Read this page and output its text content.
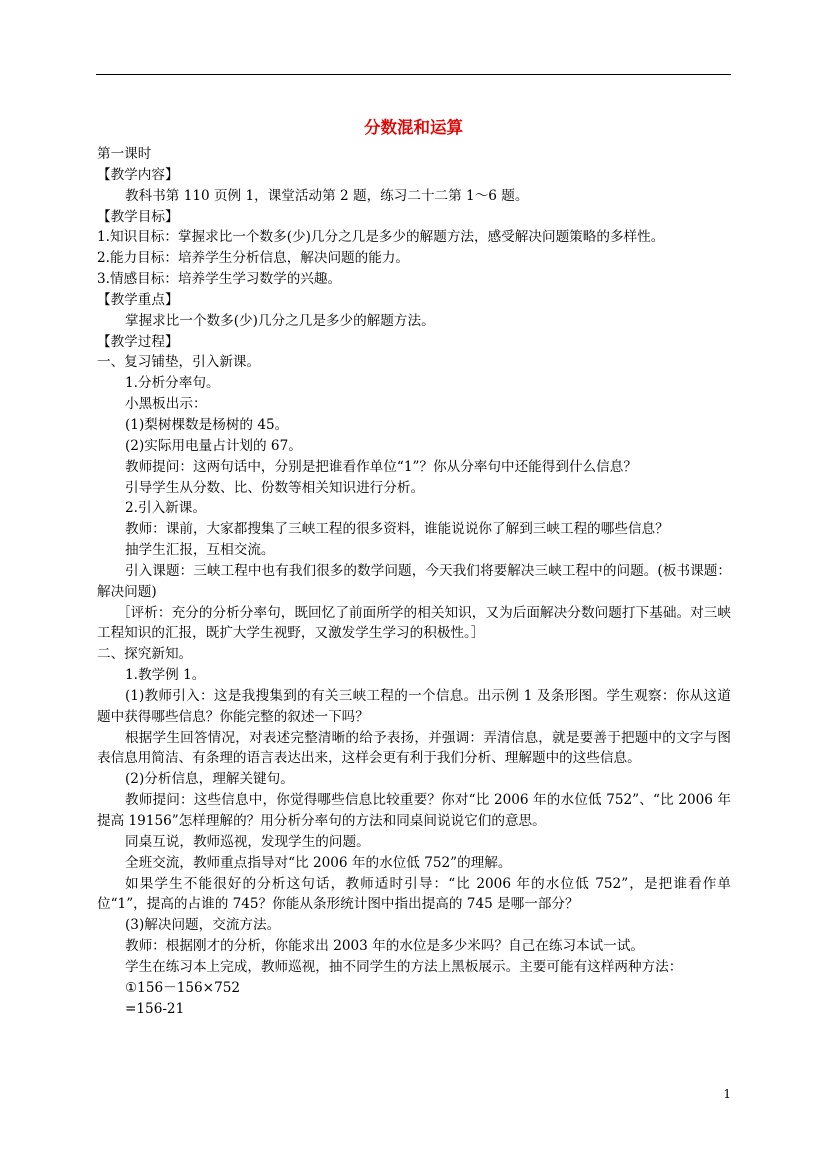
分数混和运算
第一课时
【教学内容】
教科书第 110 页例 1，课堂活动第 2 题，练习二十二第 1～6 题。
【教学目标】
1.知识目标：掌握求比一个数多(少)几分之几是多少的解题方法，感受解决问题策略的多样性。
2.能力目标：培养学生分析信息，解决问题的能力。
3.情感目标：培养学生学习数学的兴趣。
【教学重点】
掌握求比一个数多(少)几分之几是多少的解题方法。
【教学过程】
一、复习铺垫，引入新课。
1.分析分率句。
小黑板出示：
(1)梨树棵数是杨树的 45。
(2)实际用电量占计划的 67。
教师提问：这两句话中，分别是把谁看作单位“1”？你从分率句中还能得到什么信息？
引导学生从分数、比、份数等相关知识进行分析。
2.引入新课。
教师：课前，大家都搜集了三峡工程的很多资料，谁能说说你了解到三峡工程的哪些信息？
抽学生汇报，互相交流。
引入课题：三峡工程中也有我们很多的数学问题，今天我们将要解决三峡工程中的问题。(板书课题：解决问题)
［评析：充分的分析分率句，既回忆了前面所学的相关知识，又为后面解决分数问题打下基础。对三峡工程知识的汇报，既扩大学生视野，又激发学生学习的积极性。］
二、探究新知。
1.教学例 1。
(1)教师引入：这是我搜集到的有关三峡工程的一个信息。出示例 1 及条形图。学生观察：你从这道题中获得哪些信息？你能完整的叙述一下吗？
根据学生回答情况，对表述完整清晰的给予表扬，并强调：弄清信息，就是要善于把题中的文字与图表信息用简洁、有条理的语言表达出来，这样会更有利于我们分析、理解题中的这些信息。
(2)分析信息，理解关键句。
教师提问：这些信息中，你觉得哪些信息比较重要？你对“比 2006 年的水位低 752”、“比 2006 年提高 19156”怎样理解的？用分析分率句的方法和同桌间说说它们的意思。
同桌互说，教师巡视，发现学生的问题。
全班交流，教师重点指导对“比 2006 年的水位低 752”的理解。
如果学生不能很好的分析这句话，教师适时引导：“比 2006 年的水位低 752”，是把谁看作单位“1”，提高的占谁的 745？你能从条形统计图中指出提高的 745 是哪一部分？
(3)解决问题，交流方法。
教师：根据刚才的分析，你能求出 2003 年的水位是多少米吗？自己在练习本试一试。
学生在练习本上完成，教师巡视，抽不同学生的方法上黑板展示。主要可能有这样两种方法：
①156－156×752
=156-21
1
